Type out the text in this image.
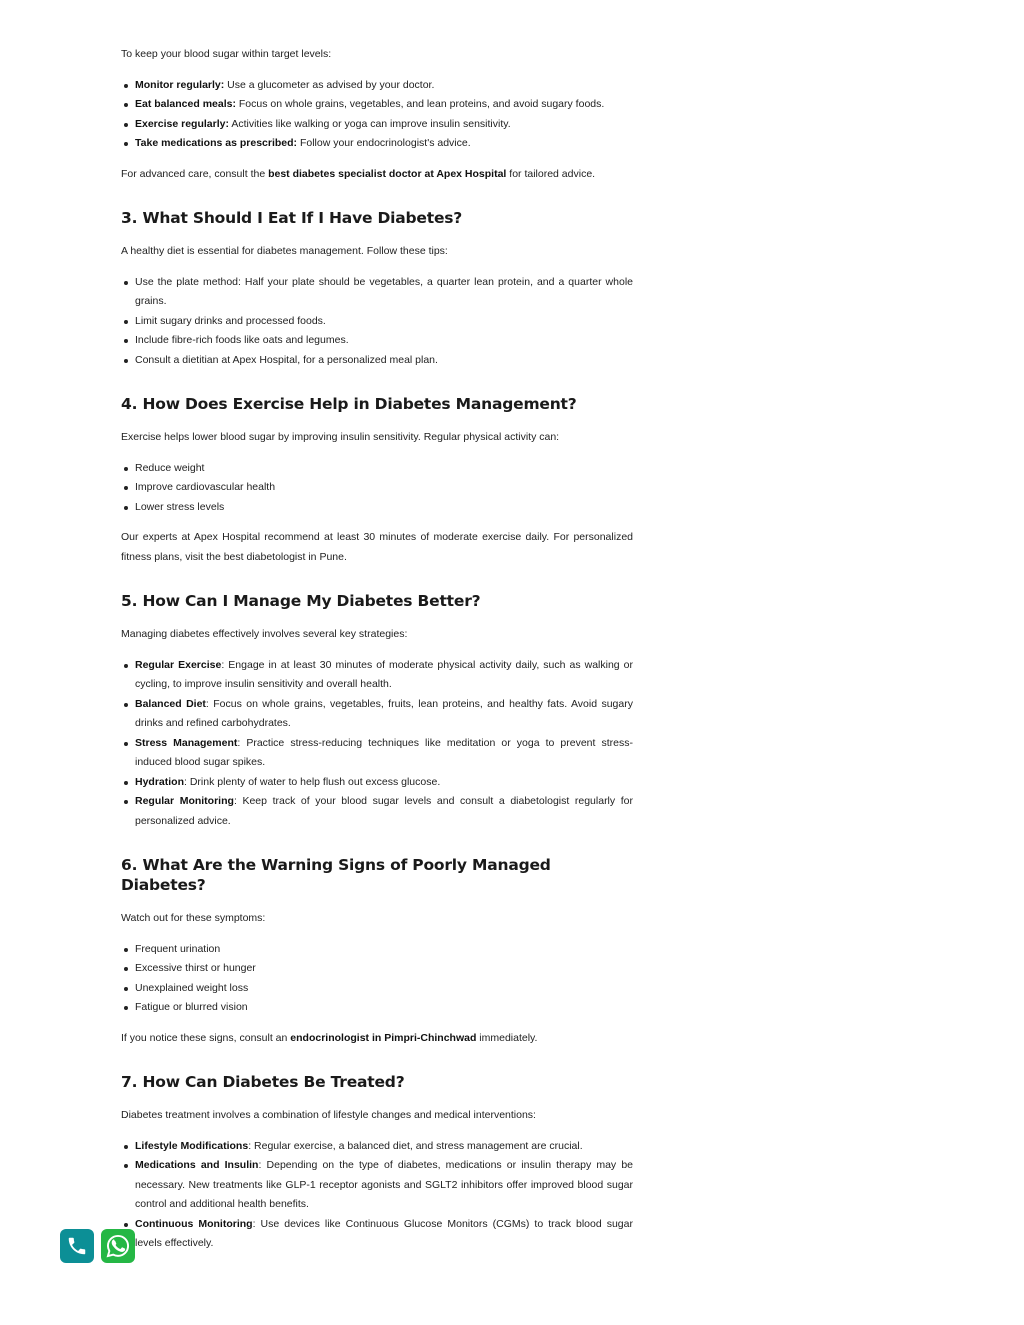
To keep your blood sugar within target levels:

Monitor regularly: Use a glucometer as advised by your doctor.
Eat balanced meals: Focus on whole grains, vegetables, and lean proteins, and avoid sugary foods.
Exercise regularly: Activities like walking or yoga can improve insulin sensitivity.
Take medications as prescribed: Follow your endocrinologist's advice.

For advanced care, consult the best diabetes specialist doctor at Apex Hospital for tailored advice.

3. What Should I Eat If I Have Diabetes?

A healthy diet is essential for diabetes management. Follow these tips:

Use the plate method: Half your plate should be vegetables, a quarter lean protein, and a quarter whole grains.
Limit sugary drinks and processed foods.
Include fibre-rich foods like oats and legumes.
Consult a dietitian at Apex Hospital, for a personalized meal plan.
4. How Does Exercise Help in Diabetes Management?

Exercise helps lower blood sugar by improving insulin sensitivity. Regular physical activity can:

Reduce weight
Improve cardiovascular health
Lower stress levels

Our experts at Apex Hospital recommend at least 30 minutes of moderate exercise daily. For personalized fitness plans, visit the best diabetologist in Pune.

5. How Can I Manage My Diabetes Better?

Managing diabetes effectively involves several key strategies:

Regular Exercise: Engage in at least 30 minutes of moderate physical activity daily, such as walking or cycling, to improve insulin sensitivity and overall health.
Balanced Diet: Focus on whole grains, vegetables, fruits, lean proteins, and healthy fats. Avoid sugary drinks and refined carbohydrates.
Stress Management: Practice stress-reducing techniques like meditation or yoga to prevent stress-induced blood sugar spikes.
Hydration: Drink plenty of water to help flush out excess glucose.
Regular Monitoring: Keep track of your blood sugar levels and consult a diabetologist regularly for personalized advice.
6. What Are the Warning Signs of Poorly Managed Diabetes?

Watch out for these symptoms:

Frequent urination
Excessive thirst or hunger
Unexplained weight loss
Fatigue or blurred vision

If you notice these signs, consult an endocrinologist in Pimpri-Chinchwad immediately.

7. How Can Diabetes Be Treated?

Diabetes treatment involves a combination of lifestyle changes and medical interventions:

Lifestyle Modifications: Regular exercise, a balanced diet, and stress management are crucial.
Medications and Insulin: Depending on the type of diabetes, medications or insulin therapy may be necessary. New treatments like GLP-1 receptor agonists and SGLT2 inhibitors offer improved blood sugar control and additional health benefits.
Continuous Monitoring: Use devices like Continuous Glucose Monitors (CGMs) to track blood sugar levels effectively.
